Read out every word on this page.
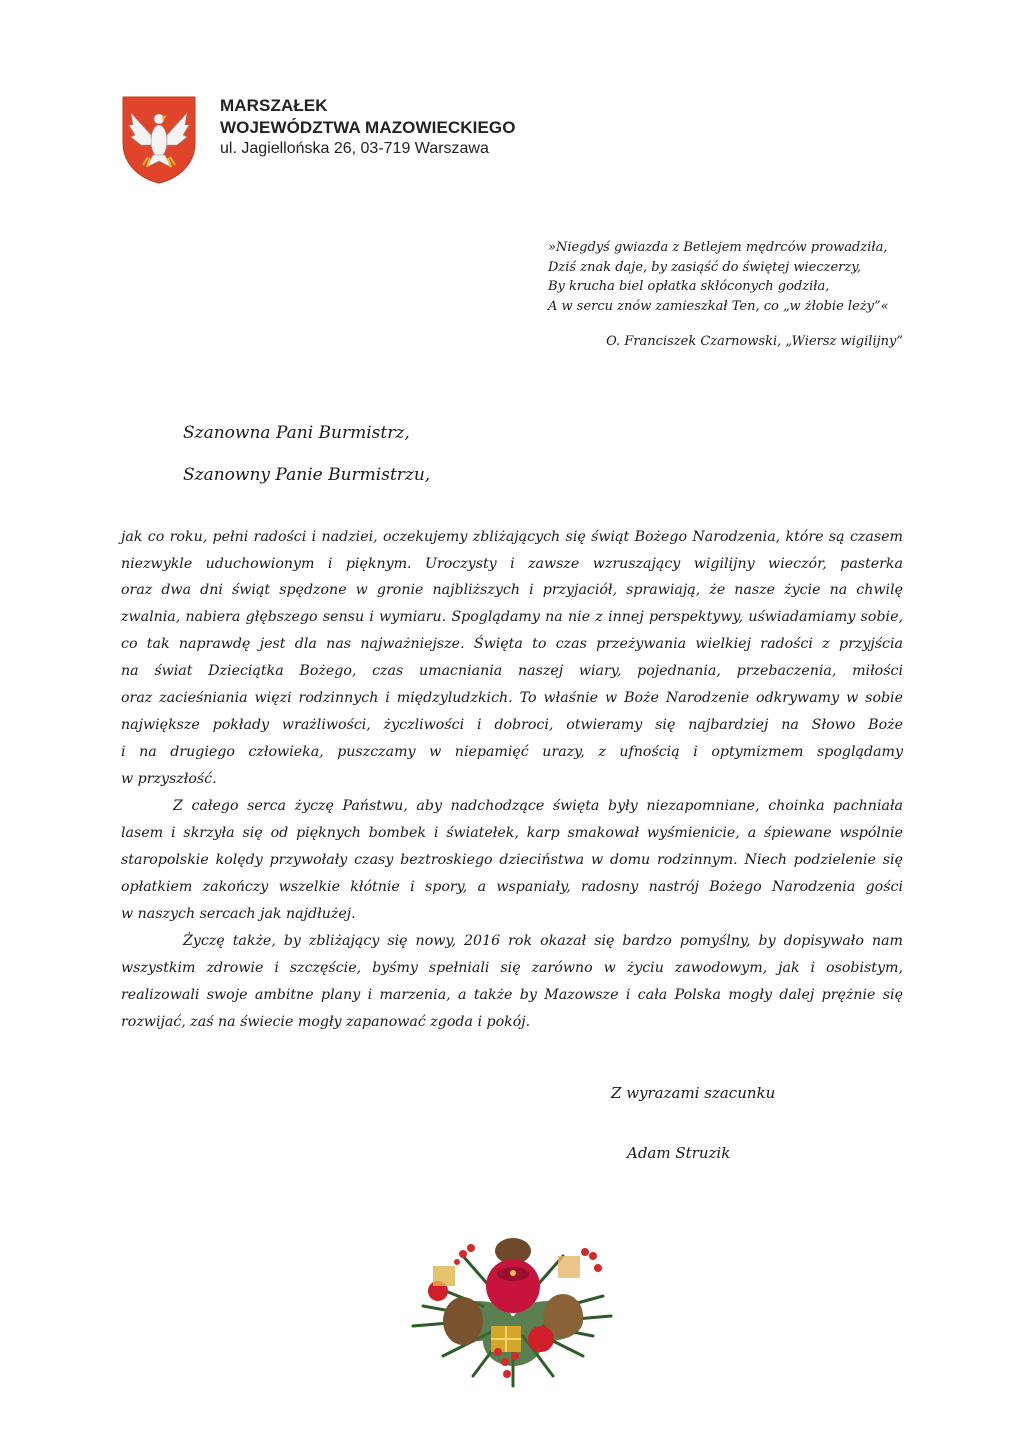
MARSZAŁEK
WOJEWÓDZTWA MAZOWIECKIEGO
ul. Jagiellońska 26, 03-719 Warszawa
»Niegdyś gwiazda z Betlejem mędrców prowadziła,
Dziś znak daje, by zasiąść do świętej wieczerzy,
By krucha biel opłatka skłóconych godziła,
A w sercu znów zamieszkał Ten, co „w żłobie leży”«
O. Franciszek Czarnowski, „Wiersz wigilijny”
Szanowna Pani Burmistrz,
Szanowny Panie Burmistrzu,
jak co roku, pełni radości i nadziei, oczekujemy zbliżających się świąt Bożego Narodzenia, które są czasem
niezwykle uduchowionym i pięknym. Uroczysty i zawsze wzruszający wigilijny wieczór, pasterka
oraz dwa dni świąt spędzone w gronie najbliższych i przyjaciół, sprawiają, że nasze życie na chwilę
zwalnia, nabiera głębszego sensu i wymiaru. Spoglądamy na nie z innej perspektywy, uświadamiamy sobie,
co tak naprawdę jest dla nas najważniejsze. Święta to czas przeżywania wielkiej radości z przyjścia
na świat Dzieciątka Bożego, czas umacniania naszej wiary, pojednania, przebaczenia, miłości
oraz zacieśniania więzi rodzinnych i międzyludzkich. To właśnie w Boże Narodzenie odkrywamy w sobie
największe pokłady wrażliwości, życzliwości i dobroci, otwieramy się najbardziej na Słowo Boże
i na drugiego człowieka, puszczamy w niepamięć urazy, z ufnością i optymizmem spoglądamy
w przyszłość.
Z całego serca życzę Państwu, aby nadchodzące święta były niezapomniane, choinka pachniała
lasem i skrzyła się od pięknych bombek i światełek, karp smakował wyśmienicie, a śpiewane wspólnie
staropolskie kolędy przywołały czasy beztroskiego dzieciństwa w domu rodzinnym. Niech podzielenie się
opłatkiem zakończy wszelkie kłótnie i spory, a wspaniały, radosny nastrój Bożego Narodzenia gości
w naszych sercach jak najdłużej.
Życzę także, by zbliżający się nowy, 2016 rok okazał się bardzo pomyślny, by dopisywało nam
wszystkim zdrowie i szczęście, byśmy spełniali się zarówno w życiu zawodowym, jak i osobistym,
realizowali swoje ambitne plany i marzenia, a także by Mazowsze i cała Polska mogły dalej prężnie się
rozwijać, zaś na świecie mogły zapanować zgoda i pokój.
Z wyrazami szacunku
Adam Struzik
